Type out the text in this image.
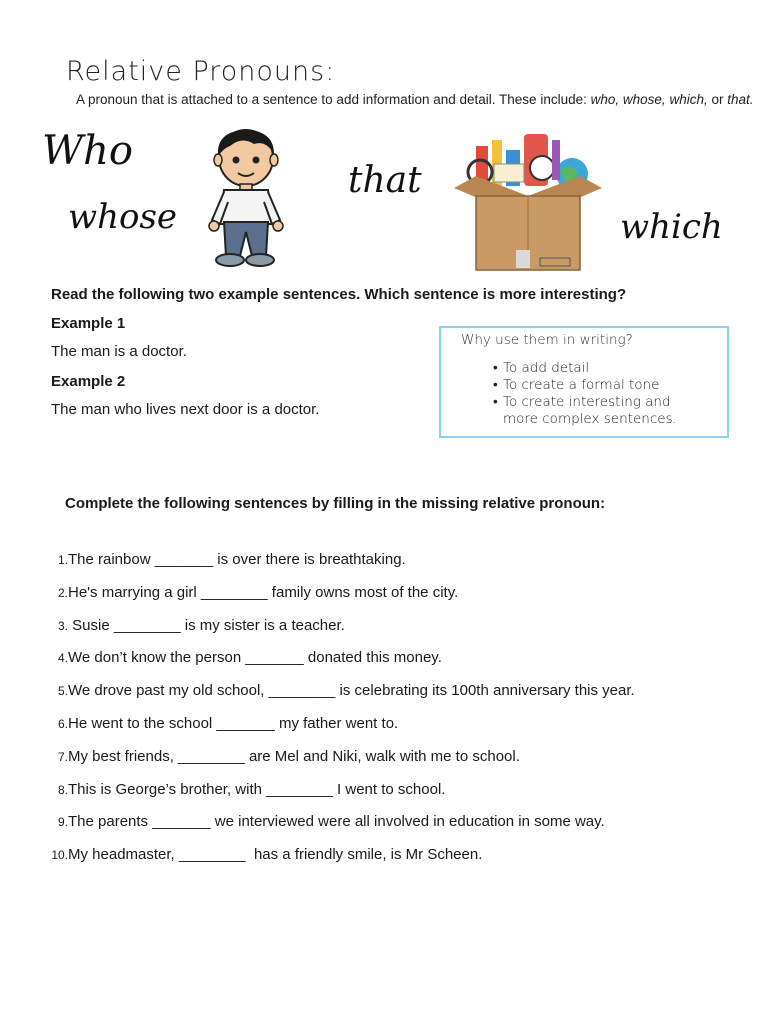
Relative Pronouns:
A pronoun that is attached to a sentence to add information and detail. These include: who, whose, which, or that.
Who
whose
that
which
Read the following two example sentences. Which sentence is more interesting?
Example 1
The man is a doctor.
Example 2
The man who lives next door is a doctor.
Why use them in writing?
• To add detail
• To create a formal tone
• To create interesting and
more complex sentences.
Complete the following sentences by filling in the missing relative pronoun:
1. The rainbow _______ is over there is breathtaking.
2. He's marrying a girl ________ family owns most of the city.
3. Susie ________ is my sister is a teacher.
4. We don’t know the person _______ donated this money.
5. We drove past my old school, ________ is celebrating its 100th anniversary this year.
6. He went to the school _______ my father went to.
7. My best friends, ________ are Mel and Niki, walk with me to school.
8. This is George’s brother, with ________ I went to school.
9. The parents _______ we interviewed were all involved in education in some way.
10. My headmaster, ________  has a friendly smile, is Mr Scheen.
